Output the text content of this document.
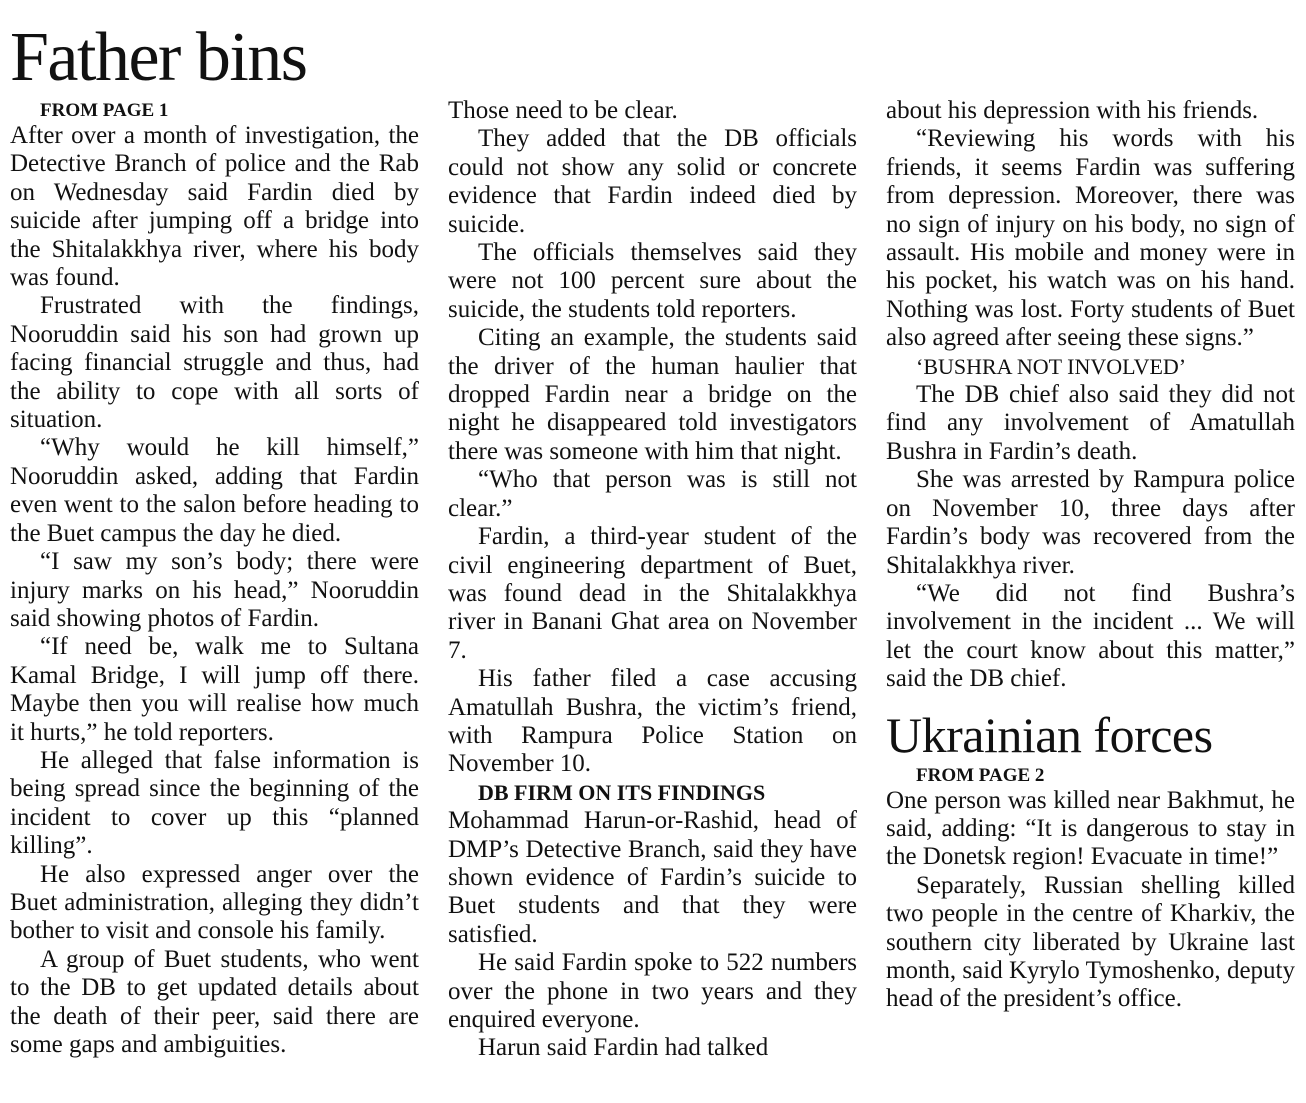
Father bins

FROM PAGE 1

After over a month of investigation, the Detective Branch of police and the Rab on Wednesday said Fardin died by suicide after jumping off a bridge into the Shitalakkhya river, where his body was found.

Frustrated with the findings, Nooruddin said his son had grown up facing financial struggle and thus, had the ability to cope with all sorts of situation.

“Why would he kill himself,” Nooruddin asked, adding that Fardin even went to the salon before heading to the Buet campus the day he died.

“I saw my son’s body; there were injury marks on his head,” Nooruddin said showing photos of Fardin.

“If need be, walk me to Sultana Kamal Bridge, I will jump off there. Maybe then you will realise how much it hurts,” he told reporters.

He alleged that false information is being spread since the beginning of the incident to cover up this “planned killing”.

He also expressed anger over the Buet administration, alleging they didn’t bother to visit and console his family.

A group of Buet students, who went to the DB to get updated details about the death of their peer, said there are some gaps and ambiguities.

Those need to be clear.

They added that the DB officials could not show any solid or concrete evidence that Fardin indeed died by suicide.

The officials themselves said they were not 100 percent sure about the suicide, the students told reporters.

Citing an example, the students said the driver of the human haulier that dropped Fardin near a bridge on the night he disappeared told investigators there was someone with him that night.

“Who that person was is still not clear.”

Fardin, a third-year student of the civil engineering department of Buet, was found dead in the Shitalakkhya river in Banani Ghat area on November 7.

His father filed a case accusing Amatullah Bushra, the victim’s friend, with Rampura Police Station on November 10.

DB FIRM ON ITS FINDINGS

Mohammad Harun-or-Rashid, head of DMP’s Detective Branch, said they have shown evidence of Fardin’s suicide to Buet students and that they were satisfied.

He said Fardin spoke to 522 numbers over the phone in two years and they enquired everyone.

Harun said Fardin had talked

about his depression with his friends.

“Reviewing his words with his friends, it seems Fardin was suffering from depression. Moreover, there was no sign of injury on his body, no sign of assault. His mobile and money were in his pocket, his watch was on his hand. Nothing was lost. Forty students of Buet also agreed after seeing these signs.”

‘BUSHRA NOT INVOLVED’

The DB chief also said they did not find any involvement of Amatullah Bushra in Fardin’s death.

She was arrested by Rampura police on November 10, three days after Fardin’s body was recovered from the Shitalakkhya river.

“We did not find Bushra’s involvement in the incident ... We will let the court know about this matter,” said the DB chief.

Ukrainian forces

FROM PAGE 2

One person was killed near Bakhmut, he said, adding: “It is dangerous to stay in the Donetsk region! Evacuate in time!”

Separately, Russian shelling killed two people in the centre of Kharkiv, the southern city liberated by Ukraine last month, said Kyrylo Tymoshenko, deputy head of the president’s office.
